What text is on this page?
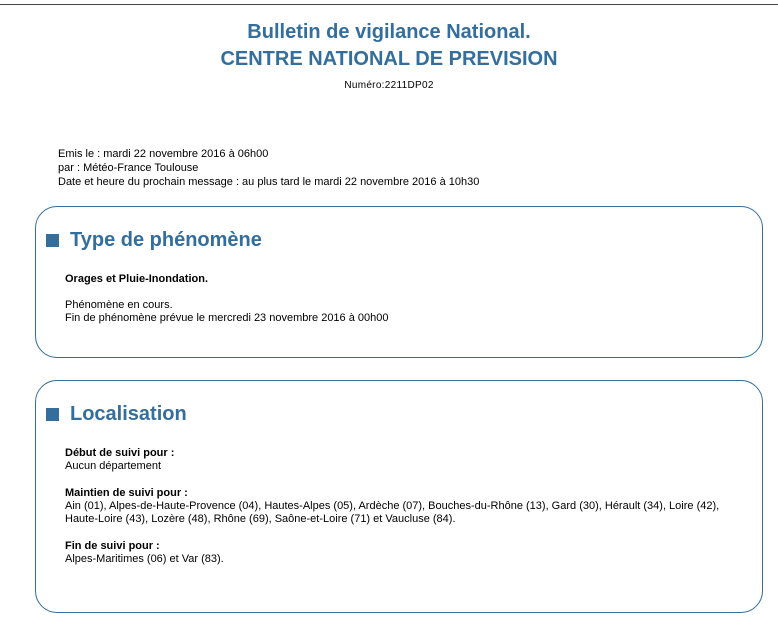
Bulletin de vigilance National.
CENTRE NATIONAL DE PREVISION
Numéro:2211DP02

Emis le : mardi 22 novembre 2016 à 06h00

par : Météo-France Toulouse

Date et heure du prochain message : au plus tard le mardi 22 novembre 2016 à 10h30

Type de phénomène

Orages et Pluie-Inondation.

Phénomène en cours.

Fin de phénomène prévue le mercredi 23 novembre 2016 à 00h00

Localisation

Début de suivi pour :

Aucun département

Maintien de suivi pour :

Ain (01), Alpes-de-Haute-Provence (04), Hautes-Alpes (05), Ardèche (07), Bouches-du-Rhône (13), Gard (30), Hérault (34), Loire (42),

Haute-Loire (43), Lozère (48), Rhône (69), Saône-et-Loire (71) et Vaucluse (84).

Fin de suivi pour :

Alpes-Maritimes (06) et Var (83).
